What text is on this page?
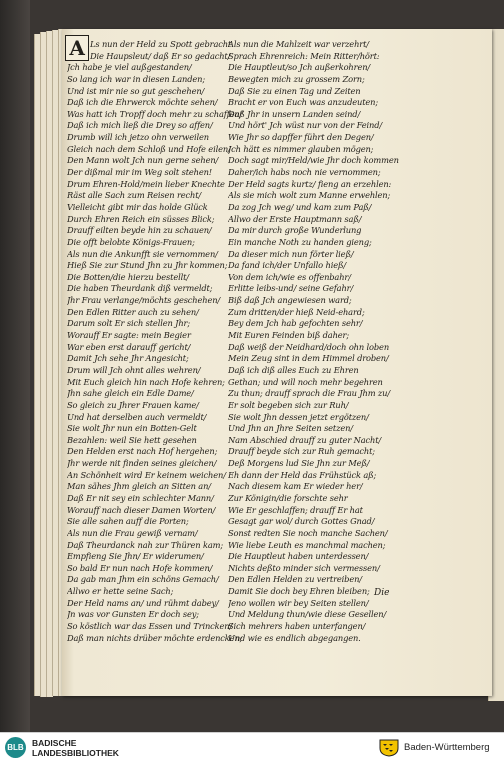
A Ls nun der Held zu Spott gebracht
Die Haupsleut/ daß Er so gedacht/
Jch habe je viel außgestanden/
So lang ich war in diesen Landen;
Und ist mir nie so gut geschehen/
Daß ich die Ehrwerck möchte sehen/
Was hatt ich Tropff doch mehr zu schaffen/
Daß ich mich ließ die Drey so affen/
Drumb will ich jetzo ohn verweilen
Gleich nach dem Schloß und Hofe eilen/
Den Mann wolt Jch nun gerne sehen/
Der dißmal mir im Weg solt stehen!
Drum Ehren-Hold/mein lieber Knechte
Räst alle Sach zum Reisen recht/
Vielleicht gibt mir das holde Glück
Durch Ehren Reich ein süsses Blick;
Drauff eilten beyde hin zu schauen/
Die offt belobte Königs-Frauen;
Als nun die Ankunfft sie vernommen/
Hieß Sie zur Stund Jhn zu Jhr kommen;
Die Botten/die hierzu bestellt/
Die haben Theurdank diß vermeldt;
Jhr Frau verlange/möchts geschehen/
Den Edlen Ritter auch zu sehen/
Darum solt Er sich stellen Jhr;
Worauff Er sagte: mein Begier
War eben erst darauff gericht/
Damit Jch sehe Jhr Angesicht;
Drum will Jch ohnt alles wehren/
Mit Euch gleich hin nach Hofe kehren;
Jhn sahe gleich ein Edle Dame/
So gleich zu Jhrer Frauen kame/
Und hat derselben auch vermeldt/
Sie wolt Jhr nun ein Botten-Gelt
Bezahlen: weil Sie hett gesehen
Den Helden erst nach Hof hergehen;
Jhr werde nit finden seines gleichen/
An Schönheit wird Er keinem weichen/
Man sähes Jhm gleich an Sitten an/
Daß Er nit sey ein schlechter Mann/
Worauff nach dieser Damen Worten/
Sie alle sahen auff die Porten;
Als nun die Frau gewiß vernam/
Daß Theurdanck nah zur Thüren kam;
Empfieng Sie Jhn/ Er widerumen/
So bald Er nun nach Hofe kommen/
Da gab man Jhm ein schöns Gemach/
Allwo er hette seine Sach;
Der Held nams an/ und rühmt dabey/
Jn was vor Gunsten Er doch sey;
So köstlich war das Essen und Trincken/
Daß man nichts drüber möchte erdencken;
Als nun die Mahlzeit war verzehrt/
Sprach Ehrenreich: Mein Ritter/hört:
Die Hauptleut/so Jch außerkohren/
Bewegten mich zu grossem Zorn;
Daß Sie zu einen Tag und Zeiten
Bracht er von Euch was anzudeuten;
Daß Jhr in unsern Landen seind/
Und hört' Jch wüst nur von der Feind/
Wie Jhr so dapffer führt den Degen/
Jch hätt es nimmer glauben mögen;
Doch sagt mir/Held/wie Jhr doch kommen
Daher/ich habs noch nie vernommen;
Der Held sagts kurtz/ fieng an erzehlen:
Als sie mich wolt zum Manne erwehlen;
Da zog Jch weg/ und kam zum Paß/
Allwo der Erste Hauptmann saß/
Da mir durch große Wunderlung
Ein manche Noth zu handen gieng;
Da dieser mich nun förter ließ/
Da fand ich/der Unfallo hieß/
Von dem ich/wie es offenbahr/
Erlitte leibs-und/ seine Gefahr/
Biß daß Jch angewiesen ward;
Zum dritten/der hieß Neid-ehard;
Bey dem Jch hab gefochten sehr/
Mit Euren Feinden biß daher;
Daß weiß der Neidhard/doch ohn loben
Mein Zeug sint in dem Himmel droben/
Daß ich diß alles Euch zu Ehren
Gethan; und will noch mehr begehren
Zu thun; drauff sprach die Frau Jhm zu/
Er solt begeben sich zur Ruh/
Sie wolt Jhn dessen jetzt ergötzen/
Und Jhn an Jhre Seiten setzen/
Nam Abschied drauff zu guter Nacht/
Drauff beyde sich zur Ruh gemacht;
Deß Morgens lud Sie Jhn zur Meß/
Eh dann der Held das Frühstück aß;
Nach diesem kam Er wieder her/
Zur Königin/die forschte sehr
Wie Er geschlaffen; drauff Er hat
Gesagt gar wol/ durch Gottes Gnad/
Sonst redten Sie noch manche Sachen/
Wie liebe Leuth es manchmal machen;
Die Hauptleut haben unterdessen/
Nichts deßto minder sich vermessen/
Den Edlen Helden zu vertreiben/
Damit Sie doch bey Ehren bleiben;
Jeno wollen wir bey Seiten stellen/
Und Meldung thun/wie diese Gesellen/
Sich mehrers haben unterfangen/
Und wie es endlich abgegangen.
Die
BLB BADISCHE
LANDESBIBLIOTHEK	Baden-Württemberg
